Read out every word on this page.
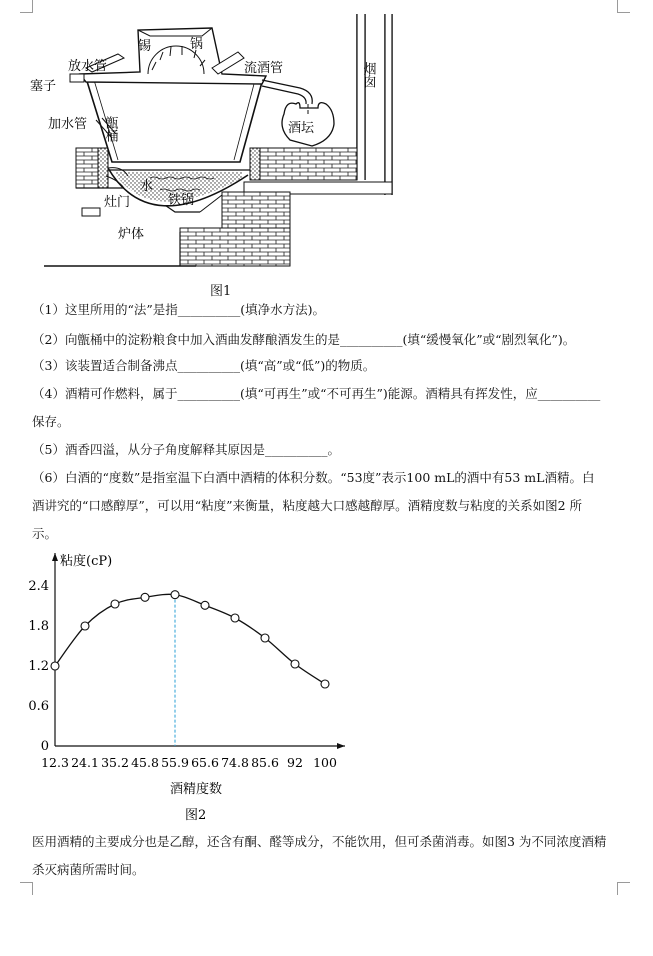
锡	锅
放水管
塞子
流酒管	烟囱
加水管 甑桶	酒坛
水
铁锅
灶门
炉体
图1
（1）这里所用的“法”是指__________(填净水方法)。
（2）向甑桶中的淀粉粮食中加入酒曲发酵酿酒发生的是__________(填“缓慢氧化”或“剧烈氧化”)。
（3）该装置适合制备沸点__________(填“高”或“低”)的物质。
（4）酒精可作燃料，属于__________(填“可再生”或“不可再生”)能源。酒精具有挥发性，应__________
保存。
（5）酒香四溢，从分子角度解释其原因是__________。
（6）白酒的“度数”是指室温下白酒中酒精的体积分数。“53度”表示100 mL的酒中有53 mL酒精。白
酒讲究的“口感醇厚”，可以用“粘度”来衡量，粘度越大口感越醇厚。酒精度数与粘度的关系如图2 所
示。
0
0.6
1.2
1.8
2.4
12.3 24.1 35.2 45.8 55.9 65.6 74.8 85.6 92 100
粘度(cP)
酒精度数
图2
医用酒精的主要成分也是乙醇，还含有酮、醛等成分，不能饮用，但可杀菌消毒。如图3 为不同浓度酒精
杀灭病菌所需时间。
